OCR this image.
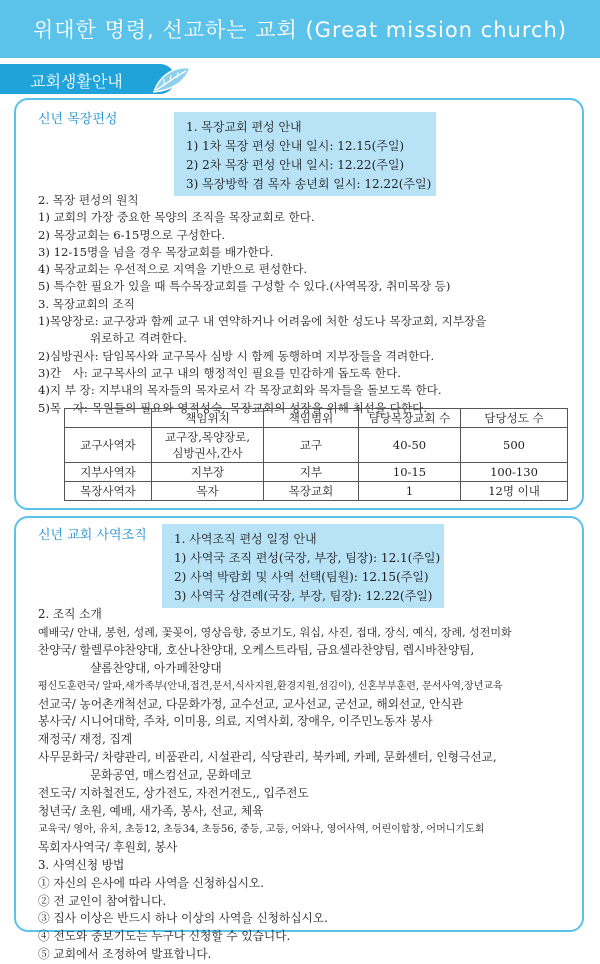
위대한 명령, 선교하는 교회 (Great mission church)
교회생활안내
신년 목장편성	1. 목장교회 편성 안내
1) 1차 목장 편성 안내 일시: 12.15(주일)
2) 2차 목장 편성 안내 일시: 12.22(주일)
3) 목장방학 겸 목자 송년회 일시: 12.22(주일)
2. 목장 편성의 원칙
1) 교회의 가장 중요한 목양의 조직을 목장교회로 한다.
2) 목장교회는 6-15명으로 구성한다.
3) 12-15명을 넘을 경우 목장교회를 배가한다.
4) 목장교회는 우선적으로 지역을 기반으로 편성한다.
5) 특수한 필요가 있을 때 특수목장교회를 구성할 수 있다.(사역목장, 취미목장 등)
3. 목장교회의 조직
1)목양장로: 교구장과 함께 교구 내 연약하거나 어려움에 처한 성도나 목장교회, 지부장을
위로하고 격려한다.
2)심방권사: 담임목사와 교구목사 심방 시 함께 동행하며 지부장들을 격려한다.
3)간　사: 교구목사의 교구 내의 행정적인 필요를 민감하게 돕도록 한다.
4)지 부 장: 지부내의 목자들의 목자로서 각 목장교회와 목자들을 돌보도록 한다.
5)목　자: 목원들의 필요와 영적성숙, 목장교회의 성장을 위해 최선을 다한다.
	책임위치	책임범위	담당목장교회 수	담당성도 수
교구사역자	교구장,목양장로,
심방권사,간사	교구	40-50	500
지부사역자	지부장	지부	10-15	100-130
목장사역자	목자	목장교회	1	12명 이내
신년 교회 사역조직 1. 사역조직 편성 일정 안내
1) 사역국 조직 편성(국장, 부장, 팀장): 12.1(주일)
2) 사역 박람회 및 사역 선택(팀원): 12.15(주일)
3) 사역국 상견례(국장, 부장, 팀장): 12.22(주일)
2. 조직 소개
예배국/ 안내, 봉헌, 성례, 꽃꽂이, 영상음향, 중보기도, 워십, 사진, 접대, 장식, 예식, 장례, 성전미화
찬양국/ 할렐루야찬양대, 호산나찬양대, 오케스트라팀, 금요셀라찬양팀, 렙시바찬양팀,
샬롬찬양대, 아가페찬양대
평신도훈련국/ 알파,새가족부(안내,접견,문서,식사지원,환경지원,섬김이), 신혼부부훈련, 문서사역,장년교육
선교국/ 농어촌개척선교, 다문화가정, 교수선교, 교사선교, 군선교, 해외선교, 안식관
봉사국/ 시니어대학, 주차, 이미용, 의료, 지역사회, 장애우, 이주민노동자 봉사
재정국/ 재정, 집계
사무문화국/ 차량관리, 비품관리, 시설관리, 식당관리, 북카페, 카페, 문화센터, 인형극선교,
문화공연, 매스컴선교, 문화데코
전도국/ 지하철전도, 상가전도, 자전거전도,, 입주전도
청년국/ 초원, 예배, 새가족, 봉사, 선교, 체육
교육국/ 영아, 유치, 초등12, 초등34, 초등56, 중등, 고등, 어와나, 영어사역, 어린이합창, 어머니기도회
목회자사역국/ 후원회, 봉사
3. 사역신청 방법
① 자신의 은사에 따라 사역을 신청하십시오.
② 전 교인이 참여합니다.
③ 집사 이상은 반드시 하나 이상의 사역을 신청하십시오.
④ 전도와 중보기도는 누구나 신청할 수 있습니다.
⑤ 교회에서 조정하여 발표합니다.
